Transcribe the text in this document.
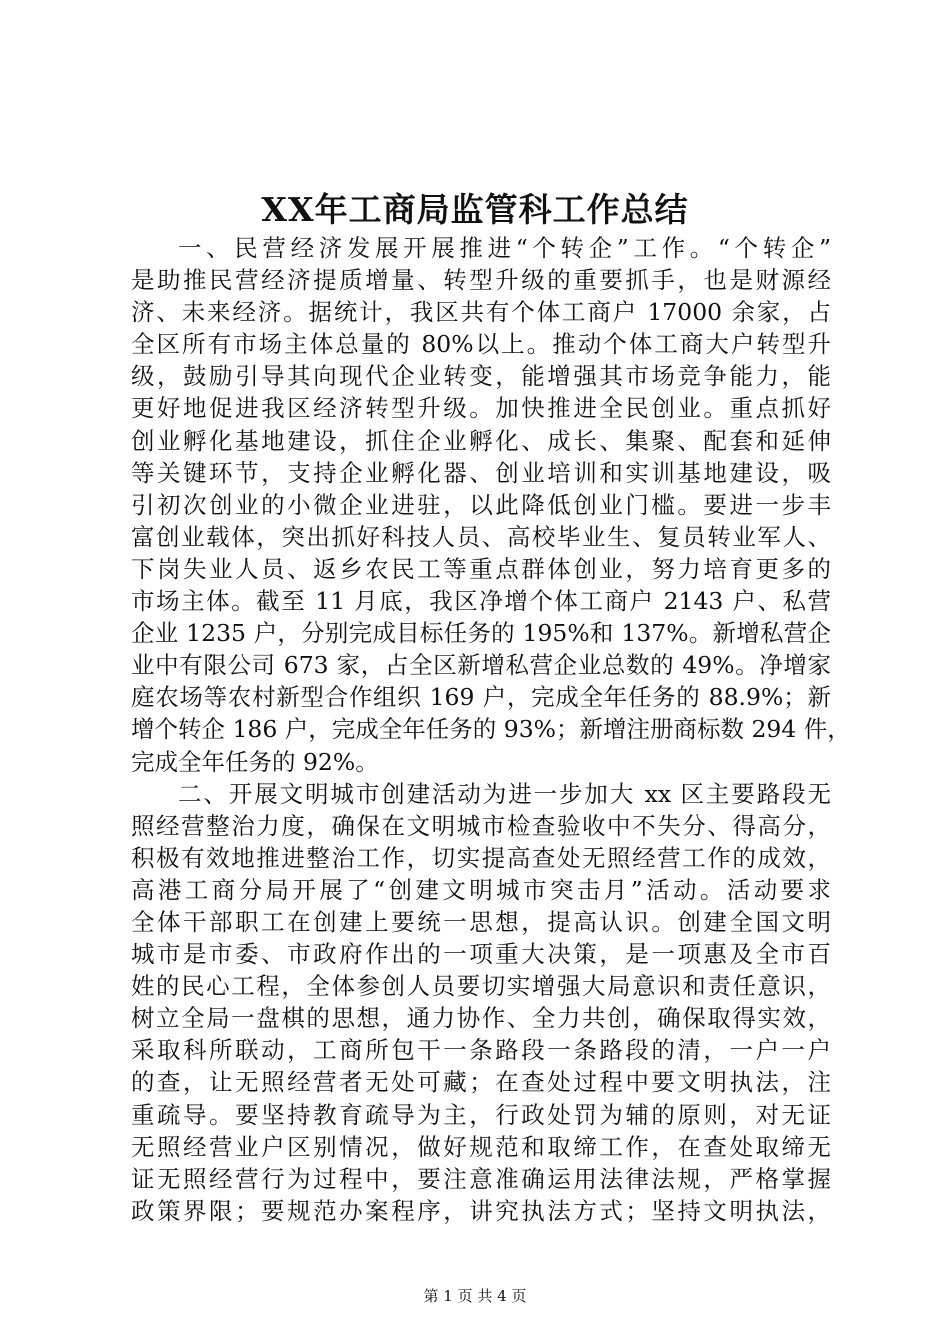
XX年工商局监管科工作总结
一、民营经济发展开展推进“个转企”工作。“个转企”
是助推民营经济提质增量、转型升级的重要抓手，也是财源经
济、未来经济。据统计，我区共有个体工商户 17000 余家，占
全区所有市场主体总量的 80%以上。推动个体工商大户转型升
级，鼓励引导其向现代企业转变，能增强其市场竞争能力，能
更好地促进我区经济转型升级。加快推进全民创业。重点抓好
创业孵化基地建设，抓住企业孵化、成长、集聚、配套和延伸
等关键环节，支持企业孵化器、创业培训和实训基地建设，吸
引初次创业的小微企业进驻，以此降低创业门槛。要进一步丰
富创业载体，突出抓好科技人员、高校毕业生、复员转业军人、
下岗失业人员、返乡农民工等重点群体创业，努力培育更多的
市场主体。截至 11 月底，我区净增个体工商户 2143 户、私营
企业 1235 户，分别完成目标任务的 195%和 137%。新增私营企
业中有限公司 673 家，占全区新增私营企业总数的 49%。净增家
庭农场等农村新型合作组织 169 户，完成全年任务的 88.9%；新
增个转企 186 户，完成全年任务的 93%；新增注册商标数 294 件，
完成全年任务的 92%。
二、开展文明城市创建活动为进一步加大 xx 区主要路段无
照经营整治力度，确保在文明城市检查验收中不失分、得高分，
积极有效地推进整治工作，切实提高查处无照经营工作的成效，
高港工商分局开展了“创建文明城市突击月”活动。活动要求
全体干部职工在创建上要统一思想，提高认识。创建全国文明
城市是市委、市政府作出的一项重大决策，是一项惠及全市百
姓的民心工程，全体参创人员要切实增强大局意识和责任意识，
树立全局一盘棋的思想，通力协作、全力共创，确保取得实效，
采取科所联动，工商所包干一条路段一条路段的清，一户一户
的查，让无照经营者无处可藏；在查处过程中要文明执法，注
重疏导。要坚持教育疏导为主，行政处罚为辅的原则，对无证
无照经营业户区别情况，做好规范和取缔工作，在查处取缔无
证无照经营行为过程中，要注意准确运用法律法规，严格掌握
政策界限；要规范办案程序，讲究执法方式；坚持文明执法，
第 1 页 共 4 页
